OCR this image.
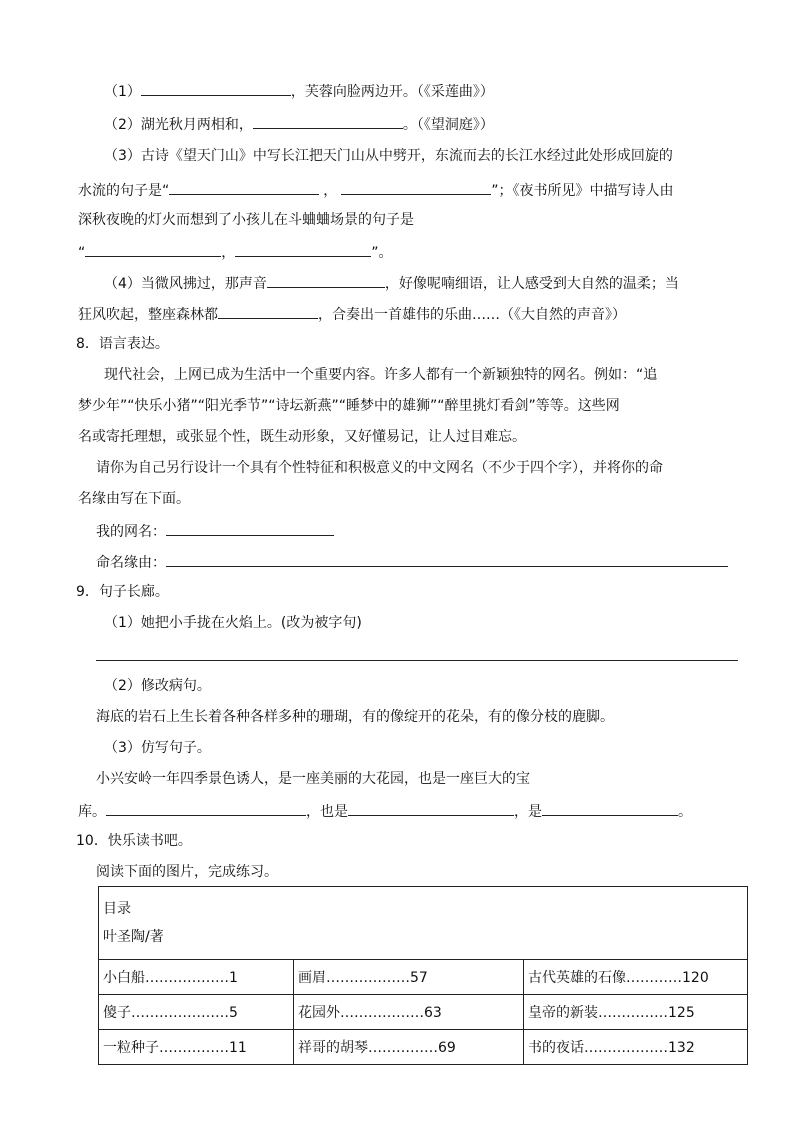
（1）	，芙蓉向脸两边开。（《采莲曲》）
（2）湖光秋月两相和，	。（《望洞庭》）
（3）古诗《望天门山》中写长江把天门山从中劈开，东流而去的长江水经过此处形成回旋的
水流的句子是“	，	”；《夜书所见》中描写诗人由
深秋夜晚的灯火而想到了小孩儿在斗蛐蛐场景的句子是
“	，	”。
（4）当微风拂过，那声音	，好像呢喃细语，让人感受到大自然的温柔；当
狂风吹起，整座森林都	，合奏出一首雄伟的乐曲……（《大自然的声音》）
8．语言表达。
现代社会，上网已成为生活中一个重要内容。许多人都有一个新颖独特的网名。例如：“追
梦少年”“快乐小猪”“阳光季节”“诗坛新燕”“睡梦中的雄狮”“醉里挑灯看剑”等等。这些网
名或寄托理想，或张显个性，既生动形象，又好懂易记，让人过目难忘。
请你为自己另行设计一个具有个性特征和积极意义的中文网名（不少于四个字），并将你的命
名缘由写在下面。
我的网名：
命名缘由：
9．句子长廊。
（1）她把小手拢在火焰上。(改为被字句)
（2）修改病句。
海底的岩石上生长着各种各样多种的珊瑚，有的像绽开的花朵，有的像分枝的鹿脚。
（3）仿写句子。
小兴安岭一年四季景色诱人，是一座美丽的大花园，也是一座巨大的宝
库。	，也是	，是	。
10．快乐读书吧。
阅读下面的图片，完成练习。
目录
叶圣陶/著		

小白船………………1	画眉………………57	古代英雄的石像…………120
傻子…………………5	花园外………………63	皇帝的新装……………125
一粒种子……………11	祥哥的胡琴……………69	书的夜话………………132
